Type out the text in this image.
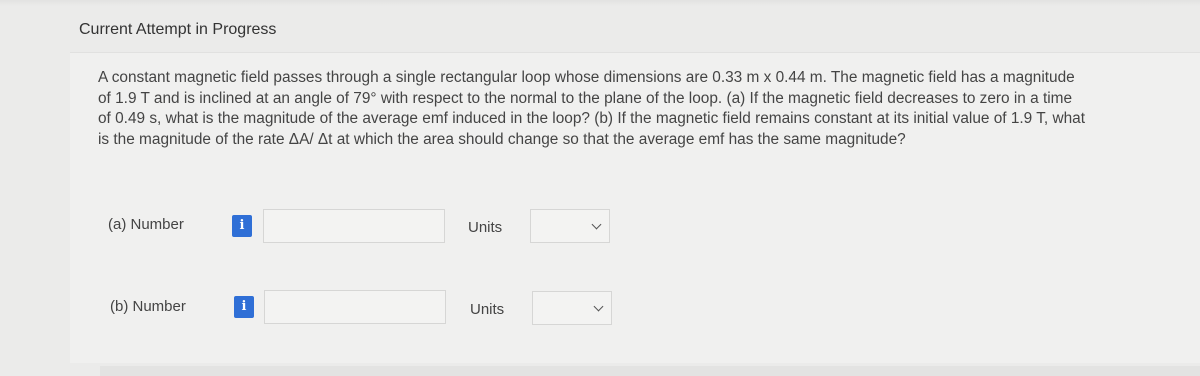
Current Attempt in Progress
A constant magnetic field passes through a single rectangular loop whose dimensions are 0.33 m x 0.44 m. The magnetic field has a magnitude of 1.9 T and is inclined at an angle of 79° with respect to the normal to the plane of the loop. (a) If the magnetic field decreases to zero in a time of 0.49 s, what is the magnitude of the average emf induced in the loop? (b) If the magnetic field remains constant at its initial value of 1.9 T, what is the magnitude of the rate ΔA/ Δt at which the area should change so that the average emf has the same magnitude?
(a) Number	i	Units
(b) Number	i	Units
